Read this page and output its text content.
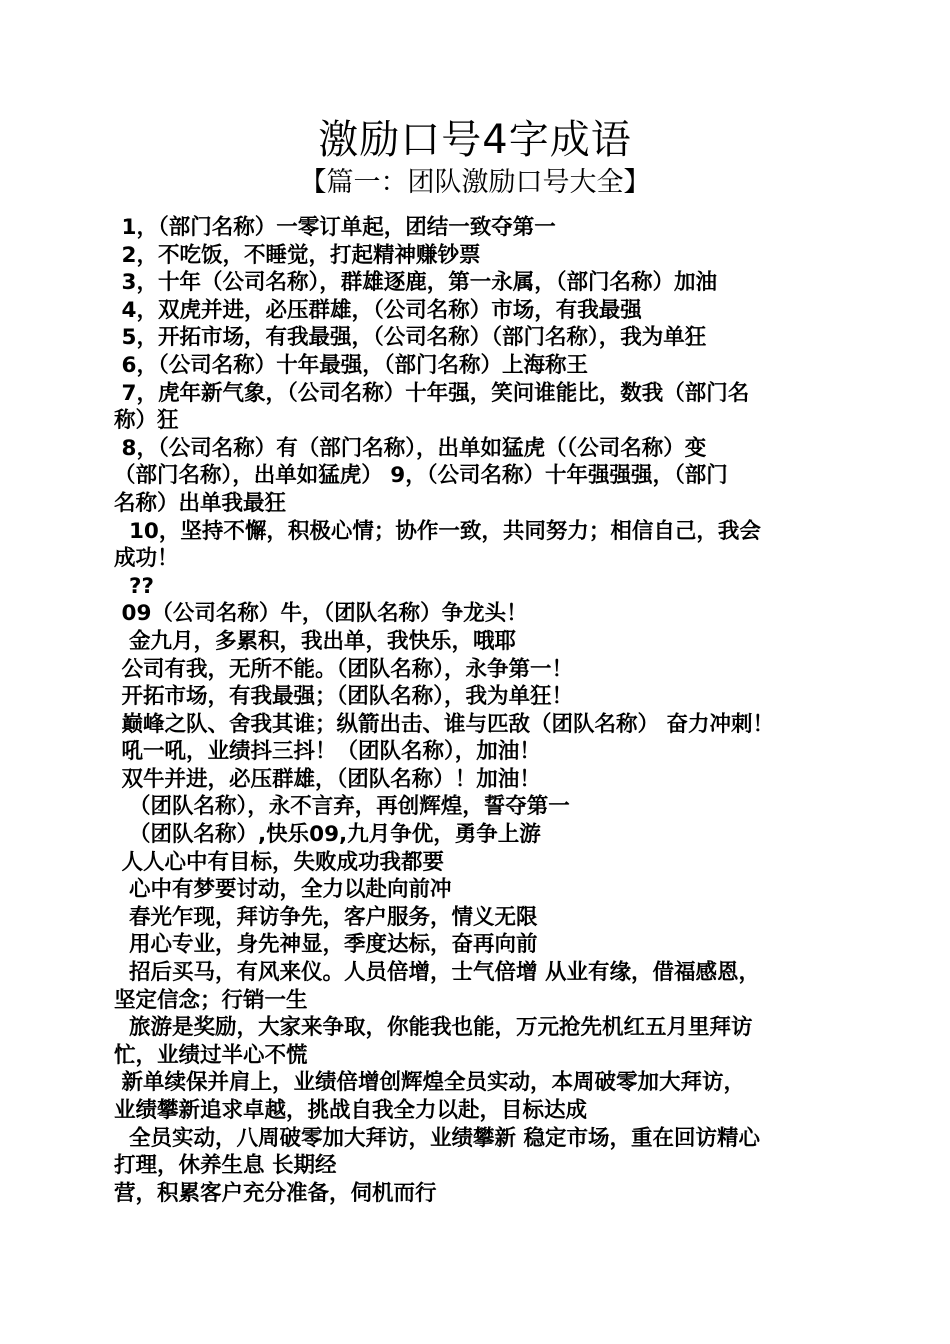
激励口号4字成语
【篇一：团队激励口号大全】
1，（部门名称）一零订单起，团结一致夺第一
2，不吃饭，不睡觉，打起精神赚钞票
3，十年（公司名称），群雄逐鹿，第一永属，（部门名称）加油
4，双虎并进，必压群雄，（公司名称）市场，有我最强
5，开拓市场，有我最强，（公司名称）（部门名称），我为单狂
6，（公司名称）十年最强，（部门名称）上海称王
7，虎年新气象，（公司名称）十年强，笑问谁能比，数我（部门名
称）狂
8，（公司名称）有（部门名称），出单如猛虎（（公司名称）变
（部门名称），出单如猛虎） 9，（公司名称）十年强强强，（部门
名称）出单我最狂
10，坚持不懈，积极心情；协作一致，共同努力；相信自己，我会
成功！
??
09（公司名称）牛，（团队名称）争龙头！
金九月，多累积，我出单，我快乐，哦耶
公司有我，无所不能。（团队名称），永争第一！
开拓市场，有我最强；（团队名称），我为单狂！
巅峰之队、舍我其谁；纵箭出击、谁与匹敌（团队名称） 奋力冲刺！
吼一吼，业绩抖三抖！（团队名称），加油！
双牛并进，必压群雄，（团队名称）！加油！
（团队名称），永不言弃，再创辉煌，誓夺第一
（团队名称）,快乐09,九月争优，勇争上游
人人心中有目标，失败成功我都要
心中有梦要讨动，全力以赴向前冲
春光乍现，拜访争先，客户服务，情义无限
用心专业，身先神显，季度达标，奋再向前
招后买马，有风来仪。人员倍增，士气倍增 从业有缘，借福感恩，
坚定信念；行销一生
旅游是奖励，大家来争取，你能我也能，万元抢先机红五月里拜访
忙，业绩过半心不慌
新单续保并肩上，业绩倍增创辉煌全员实动，本周破零加大拜访，
业绩攀新追求卓越，挑战自我全力以赴，目标达成
全员实动，八周破零加大拜访，业绩攀新 稳定市场，重在回访精心
打理，休养生息 长期经
营，积累客户充分准备，伺机而行
